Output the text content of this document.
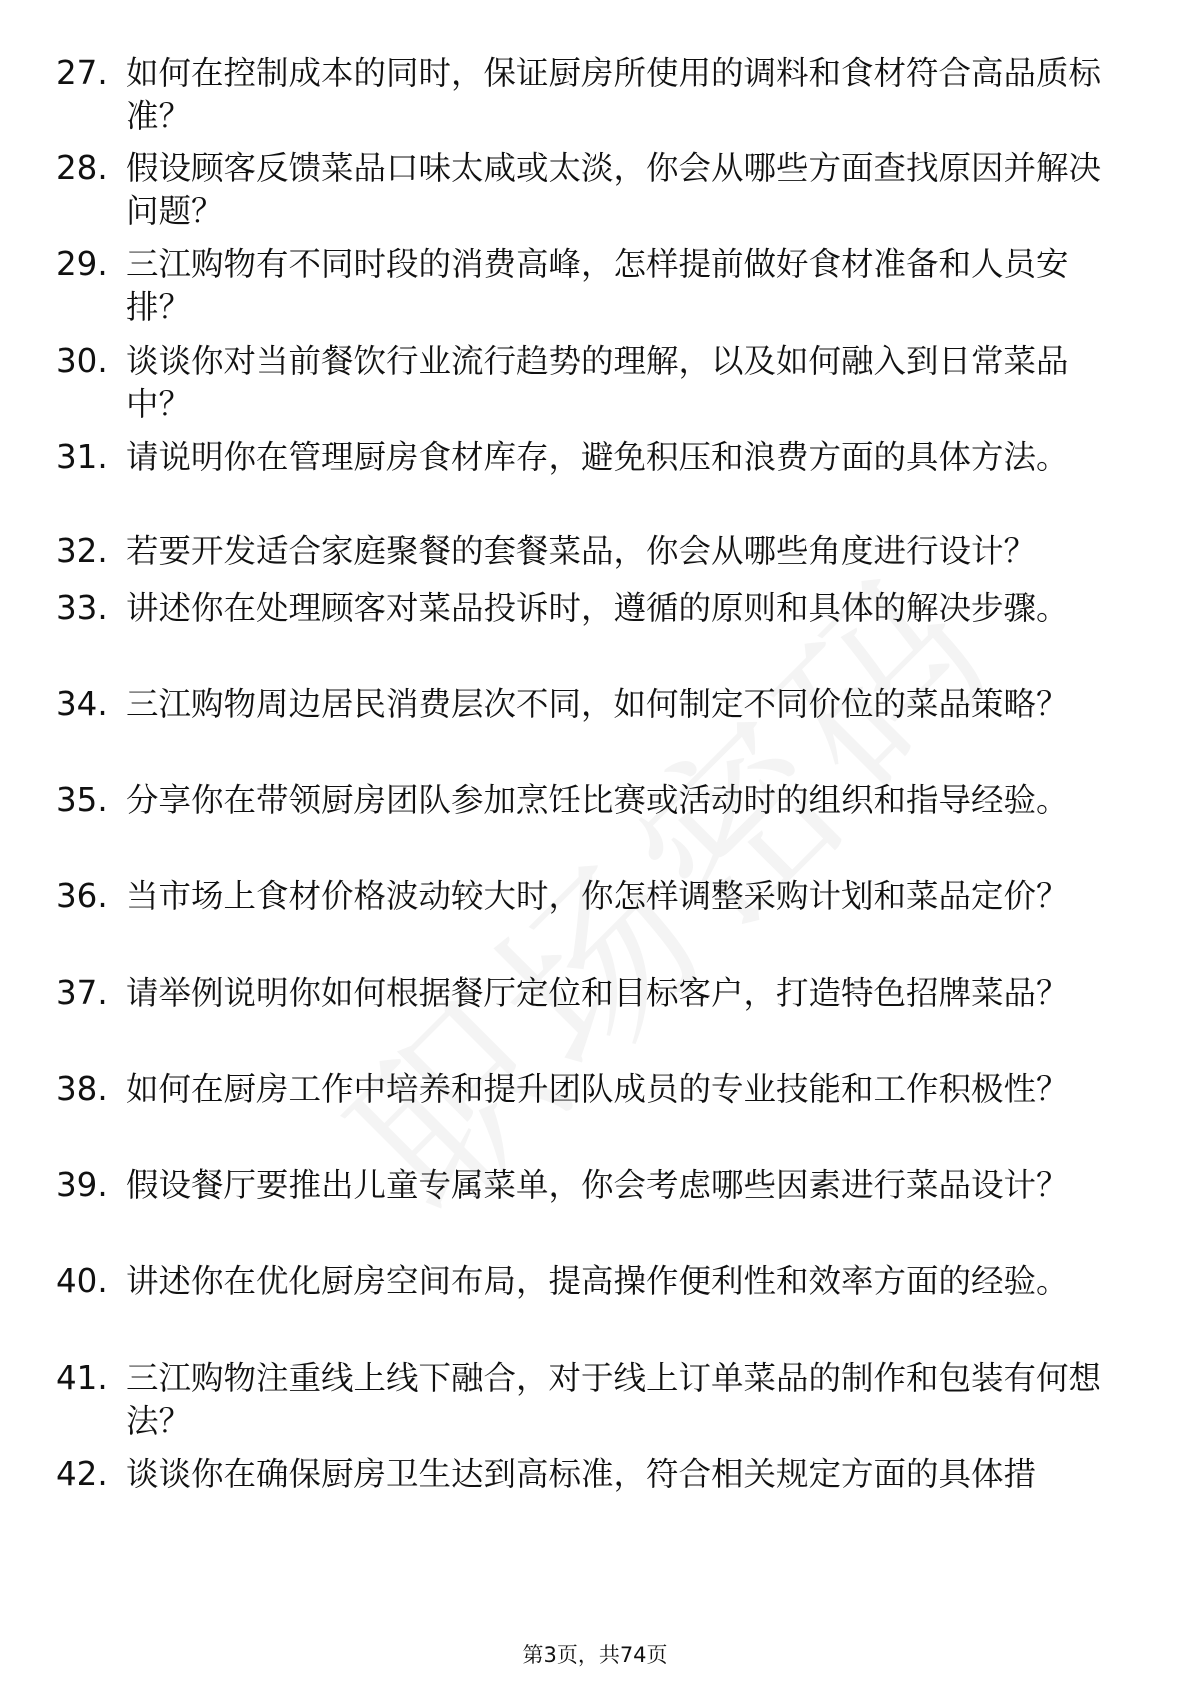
27. 如何在控制成本的同时，保证厨房所使用的调料和食材符合高品质标准？
28. 假设顾客反馈菜品口味太咸或太淡，你会从哪些方面查找原因并解决问题？
29. 三江购物有不同时段的消费高峰，怎样提前做好食材准备和人员安排？
30. 谈谈你对当前餐饮行业流行趋势的理解，以及如何融入到日常菜品中？
31. 请说明你在管理厨房食材库存，避免积压和浪费方面的具体方法。
32. 若要开发适合家庭聚餐的套餐菜品，你会从哪些角度进行设计？
33. 讲述你在处理顾客对菜品投诉时，遵循的原则和具体的解决步骤。
34. 三江购物周边居民消费层次不同，如何制定不同价位的菜品策略？
35. 分享你在带领厨房团队参加烹饪比赛或活动时的组织和指导经验。
36. 当市场上食材价格波动较大时，你怎样调整采购计划和菜品定价？
37. 请举例说明你如何根据餐厅定位和目标客户，打造特色招牌菜品？
38. 如何在厨房工作中培养和提升团队成员的专业技能和工作积极性？
39. 假设餐厅要推出儿童专属菜单，你会考虑哪些因素进行菜品设计？
40. 讲述你在优化厨房空间布局，提高操作便利性和效率方面的经验。
41. 三江购物注重线上线下融合，对于线上订单菜品的制作和包装有何想法？
42. 谈谈你在确保厨房卫生达到高标准，符合相关规定方面的具体措
第3页，共74页
